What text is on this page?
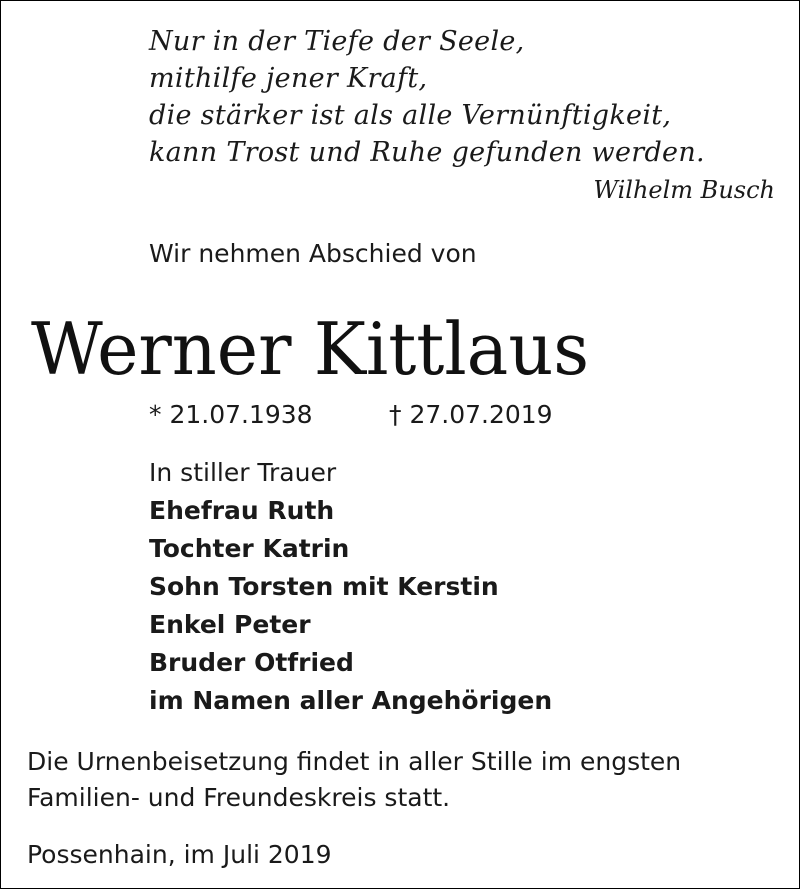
Nur in der Tiefe der Seele,
mithilfe jener Kraft,
die stärker ist als alle Vernünftigkeit,
kann Trost und Ruhe gefunden werden.
Wilhelm Busch
Wir nehmen Abschied von
Werner Kittlaus
* 21.07.1938	† 27.07.2019
In stiller Trauer
Ehefrau Ruth
Tochter Katrin
Sohn Torsten mit Kerstin
Enkel Peter
Bruder Otfried
im Namen aller Angehörigen
Die Urnenbeisetzung findet in aller Stille im engsten
Familien- und Freundeskreis statt.
Possenhain, im Juli 2019
